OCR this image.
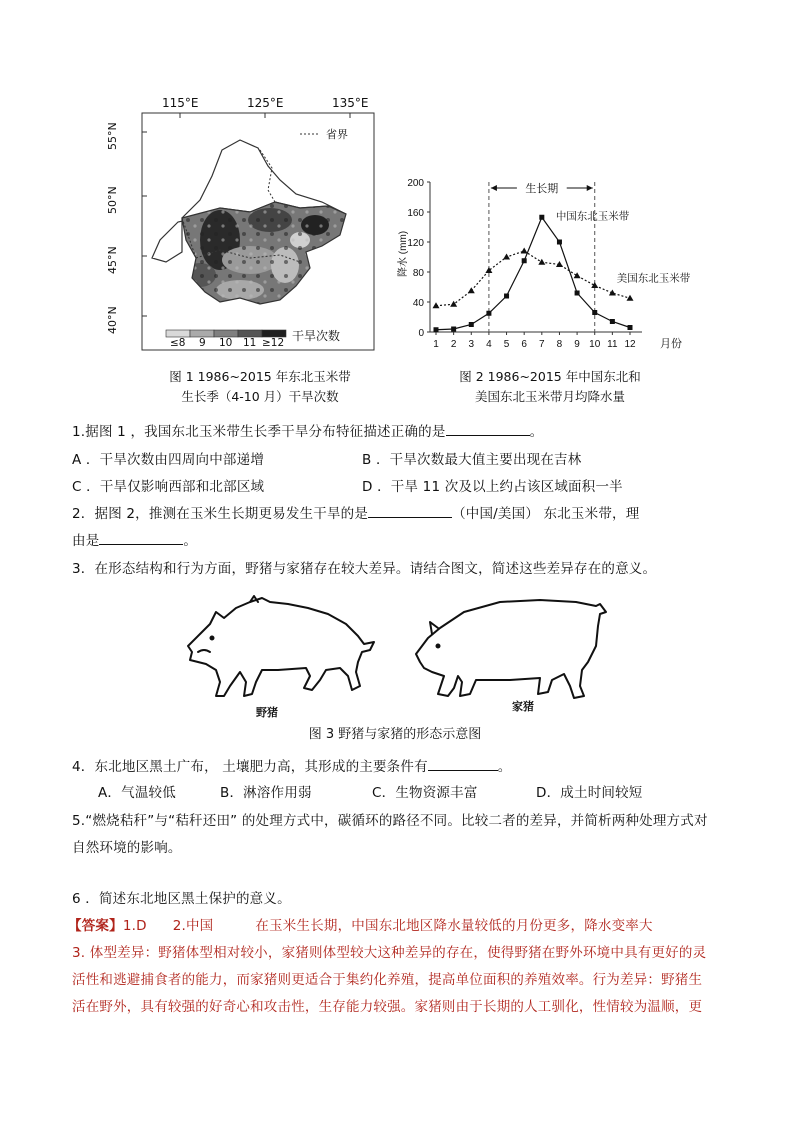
115°E	125°E	135°E
55°N
50°N
45°N
40°N
省界
≤8 9 10 11 ≥12 干旱次数
图 1 1986~2015 年东北玉米带
生长季（4-10 月）干旱次数
0
40
80
120
160
200
1 2 3 4 5 6 7 8 9 10 11 12 月份
降水 (mm)
生长期
中国东北玉米带
美国东北玉米带
图 2 1986~2015 年中国东北和
美国东北玉米带月均降水量
1.据图 1 ，我国东北玉米带生长季干旱分布特征描述正确的是	。
A ．干旱次数由四周向中部递增	B ．干旱次数最大值主要出现在吉林
C ．干旱仅影响西部和北部区域	D ．干旱 11 次及以上约占该区域面积一半
2．据图 2，推测在玉米生长期更易发生干旱的是	（中国/美国） 东北玉米带，理
由是	。
3．在形态结构和行为方面，野猪与家猪存在较大差异。请结合图文，简述这些差异存在的意义。
野猪	家猪
图 3 野猪与家猪的形态示意图
4．东北地区黑土广布， 土壤肥力高，其形成的主要条件有	。
A．气温较低	B．淋溶作用弱	C．生物资源丰富	D．成土时间较短
5.“燃烧秸秆”与“秸秆还田” 的处理方式中，碳循环的路径不同。比较二者的差异，并简析两种处理方式对
自然环境的影响。
6 ．简述东北地区黑土保护的意义。
【答案】1.D 2.中国	在玉米生长期，中国东北地区降水量较低的月份更多，降水变率大
3. 体型差异：野猪体型相对较小，家猪则体型较大这种差异的存在，使得野猪在野外环境中具有更好的灵
活性和逃避捕食者的能力，而家猪则更适合于集约化养殖，提高单位面积的养殖效率。行为差异：野猪生
活在野外，具有较强的好奇心和攻击性，生存能力较强。家猪则由于长期的人工驯化，性情较为温顺，更
